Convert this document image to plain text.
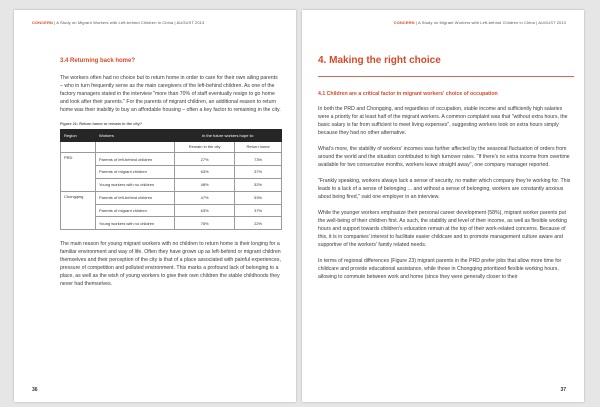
CONCERN | A Study on Migrant Workers with Left-behind Children in China | AUGUST 2013
3.4 Returning back home?

The workers often had no choice but to return home in order to care for their own ailing parents – who in turn frequently serve as the main caregivers of the left-behind children. As one of the factory managers stated in the interview "more than 70% of staff eventually resign to go home and look after their parents." For the parents of migrant children, an additional reason to return home was their inability to buy an affordable housing – often a key factor to remaining in the city.

Figure 21: Return home or remain in the city?
Region	Workers	In the future workers hope to:	
		Remain in the city	Return home
PRD	Parents of left-behind children	27%	73%
	Parents of migrant children	63%	37%
	Young workers with no children	48%	52%
Chongqing	Parents of left-behind children	47%	53%
	Parents of migrant children	63%	37%
	Young workers with no children	78%	22%

The main reason for young migrant workers with no children to return home is their longing for a familiar environment and way of life. Often they have grown up as left-behind or migrant children themselves and their perception of the city is that of a place associated with painful experiences, pressure of competition and polluted environment. This marks a profound lack of belonging to a place, as well as the wish of young workers to give their own children the stable childhoods they never had themselves.

36
CONCERN | A Study on Migrant Workers with Left-behind Children in China | AUGUST 2013
4. Making the right choice
4.1 Children are a critical factor in migrant workers' choice of occupation

In both the PRD and Chongqing, and regardless of occupation, stable income and sufficiently high salaries were a priority for at least half of the migrant workers. A common complaint was that "without extra hours, the basic salary is far from sufficient to meet living expenses", suggesting workers took on extra hours simply because they had no other alternative.

What's more, the stability of workers' incomes was further affected by the seasonal fluctuation of orders from around the world and the situation contributed to high turnover rates. "If there's no extra income from overtime available for two consecutive months, workers leave straight away", one company manager reported.

"Frankly speaking, workers always lack a sense of security, no matter which company they're working for. This leads to a lack of a sense of belonging ... and without a sense of belonging, workers are constantly anxious about being fired," said one employer in an interview.

While the younger workers emphasize their personal career development (58%), migrant worker parents put the well-being of their children first. As such, the stability and level of their income, as well as flexible working hours and support towards children's education remain at the top of their work-related concerns. Because of this, it is in companies' interest to facilitate easier childcare and to promote management culture aware and supportive of the workers' family related needs.

In terms of regional differences (Figure 23) migrant parents in the PRD prefer jobs that allow more time for childcare and provide educational assistance, while those in Chongqing prioritized flexible working hours, allowing to commute between work and home (since they were generally closer to their

37
